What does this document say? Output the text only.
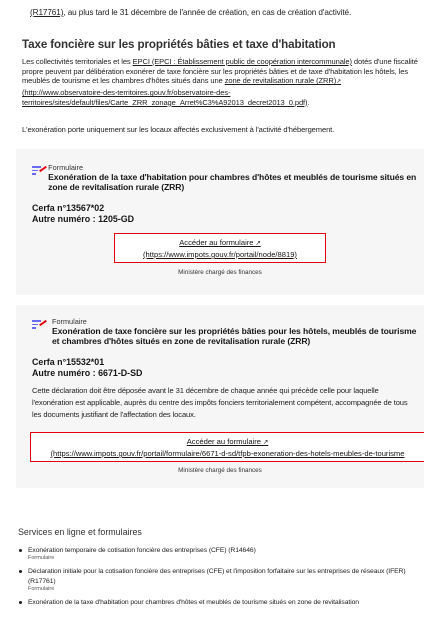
(R17761), au plus tard le 31 décembre de l'année de création, en cas de création d'activité.
Taxe foncière sur les propriétés bâties et taxe d'habitation

Les collectivités territoriales et les EPCI (EPCI : Établissement public de coopération intercommunale) dotés d'une fiscalité propre peuvent par délibération exonérer de taxe foncière sur les propriétés bâties et de taxe d'habitation les hôtels, les meublés de tourisme et les chambres d'hôtes situés dans une zone de revitalisation rurale (ZRR)↗ (http://www.observatoire-des-territoires.gouv.fr/observatoire-des-territoires/sites/default/files/Carte_ZRR_zonage_Arret%C3%A92013_decret2013_0.pdf).

L'exonération porte uniquement sur les locaux affectés exclusivement à l'activité d'hébergement.

Formulaire
Exonération de la taxe d'habitation pour chambres d'hôtes et meublés de tourisme situés en zone de revitalisation rurale (ZRR)
Cerfa n°13567*02
Autre numéro : 1205-GD
Accéder au formulaire ↗
(https://www.impots.gouv.fr/portail/node/8819)
Ministère chargé des finances
Formulaire
Exonération de taxe foncière sur les propriétés bâties pour les hôtels, meublés de tourisme et chambres d'hôtes situés en zone de revitalisation rurale (ZRR)
Cerfa n°15532*01
Autre numéro : 6671-D-SD

Cette déclaration doit être déposée avant le 31 décembre de chaque année qui précède celle pour laquelle l'exonération est applicable, auprès du centre des impôts fonciers territorialement compétent, accompagnée de tous les documents justifiant de l'affectation des locaux.

Accéder au formulaire ↗
(https://www.impots.gouv.fr/portail/formulaire/6671-d-sd/tfpb-exoneration-des-hotels-meubles-de-tourisme
Ministère chargé des finances
Services en ligne et formulaires
Exonération temporaire de cotisation foncière des entreprises (CFE) (R14646)
Formulaire
Déclaration initiale pour la cotisation foncière des entreprises (CFE) et l'imposition forfaitaire sur les entreprises de réseaux (IFER) (R17761)
Formulaire
Exonération de la taxe d'habitation pour chambres d'hôtes et meublés de tourisme situés en zone de revitalisation
